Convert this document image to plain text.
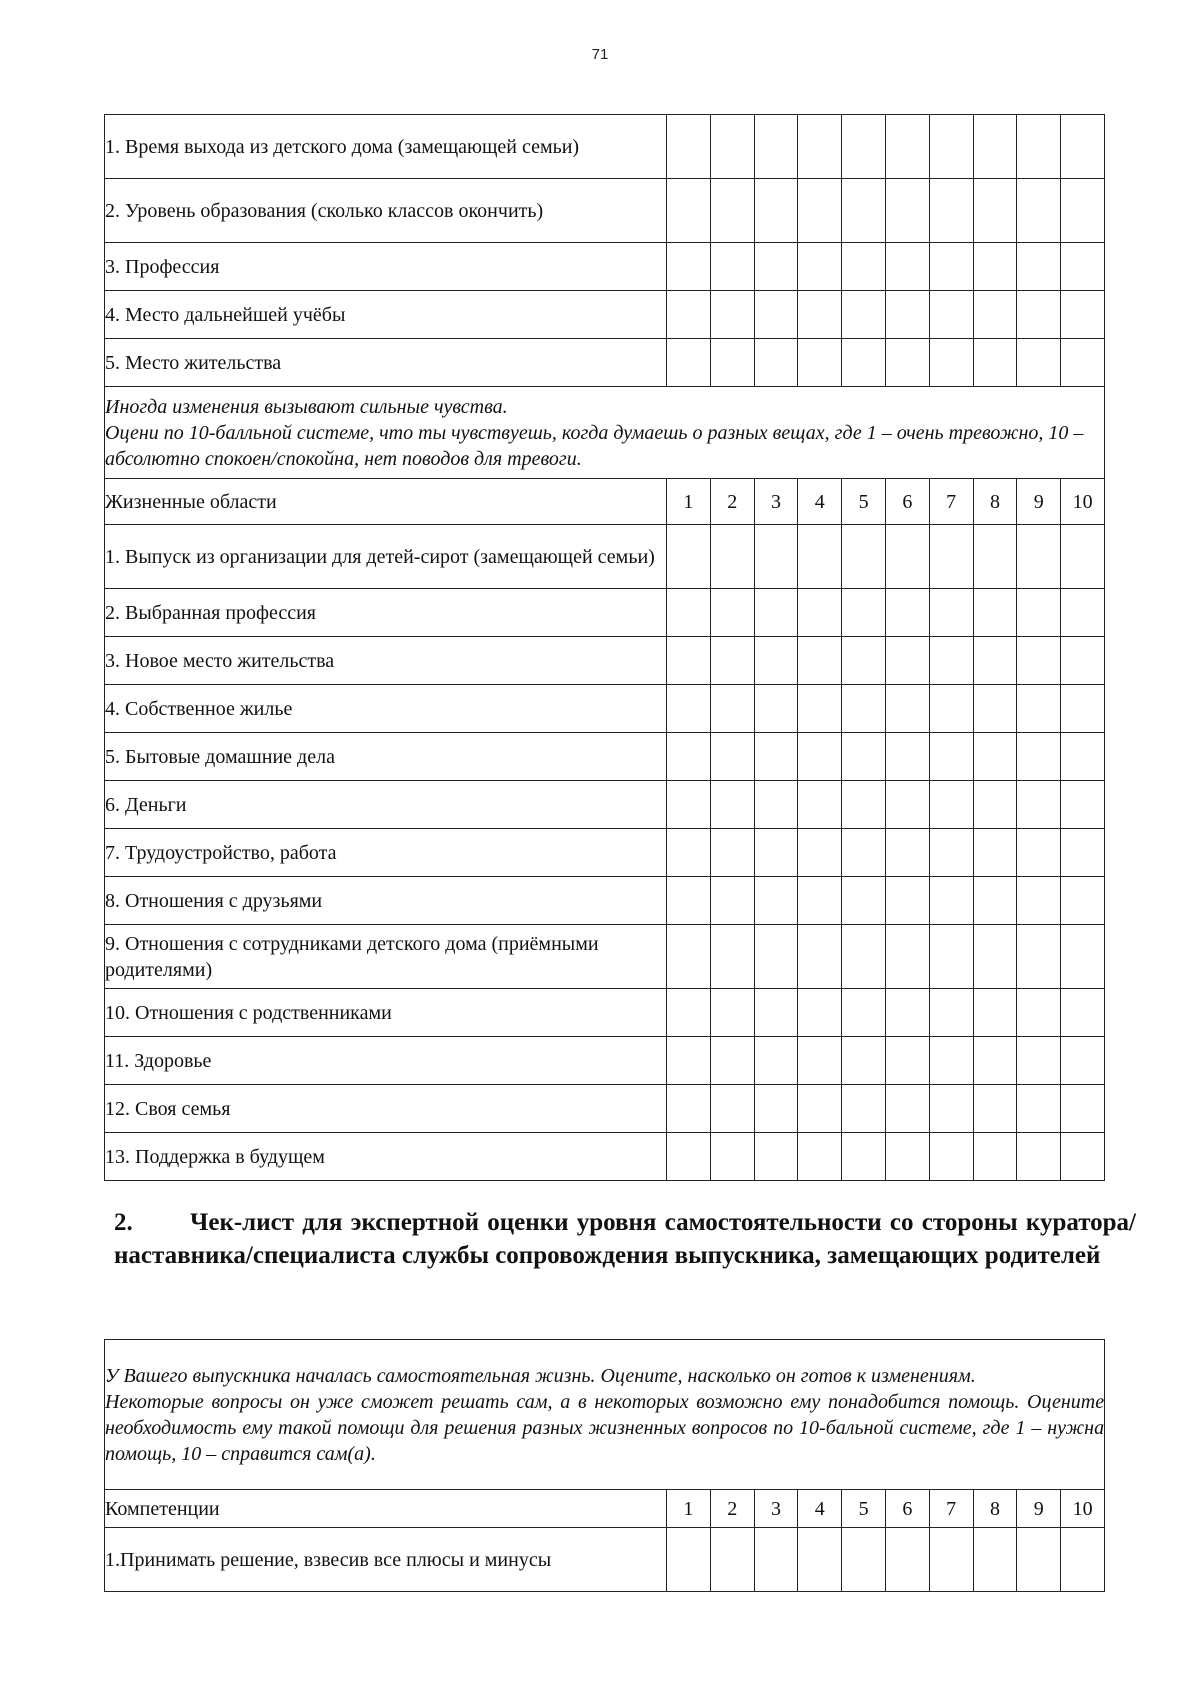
71
1. Время выхода из детского дома (замещающей семьи)										
2. Уровень образования (сколько классов окончить)										
3. Профессия										
4. Место дальнейшей учёбы										
5. Место жительства										

Иногда изменения вызывают сильные чувства.

Оцени по 10-балльной системе, что ты чувствуешь, когда думаешь о разных вещах, где 1 – очень тревожно, 10 – абсолютно спокоен/спокойна, нет поводов для тревоги.										

Жизненные области	1	2	3	4	5	6	7	8	9	10
1. Выпуск из организации для детей-сирот (замещающей семьи)										
2. Выбранная профессия										
3. Новое место жительства										
4. Собственное жилье										
5. Бытовые домашние дела										
6. Деньги										
7. Трудоустройство, работа										
8. Отношения с друзьями										
9. Отношения с сотрудниками детского дома (приёмными родителями)										
10. Отношения с родственниками										
11. Здоровье										
12. Своя семья										
13. Поддержка в будущем										
2. Чек-лист для экспертной оценки уровня самостоятельности со стороны куратора/наставника/специалиста службы сопровождения выпускника, замещающих родителей

У Вашего выпускника началась самостоятельная жизнь. Оцените, насколько он готов к изменениям.

Некоторые вопросы он уже сможет решать сам, а в некоторых возможно ему понадобится помощь. Оцените необходимость ему такой помощи для решения разных жизненных вопросов по 10-бальной системе, где 1 – нужна помощь, 10 – справится сам(а).										

Компетенции	1	2	3	4	5	6	7	8	9	10
1.Принимать решение, взвесив все плюсы и минусы										
